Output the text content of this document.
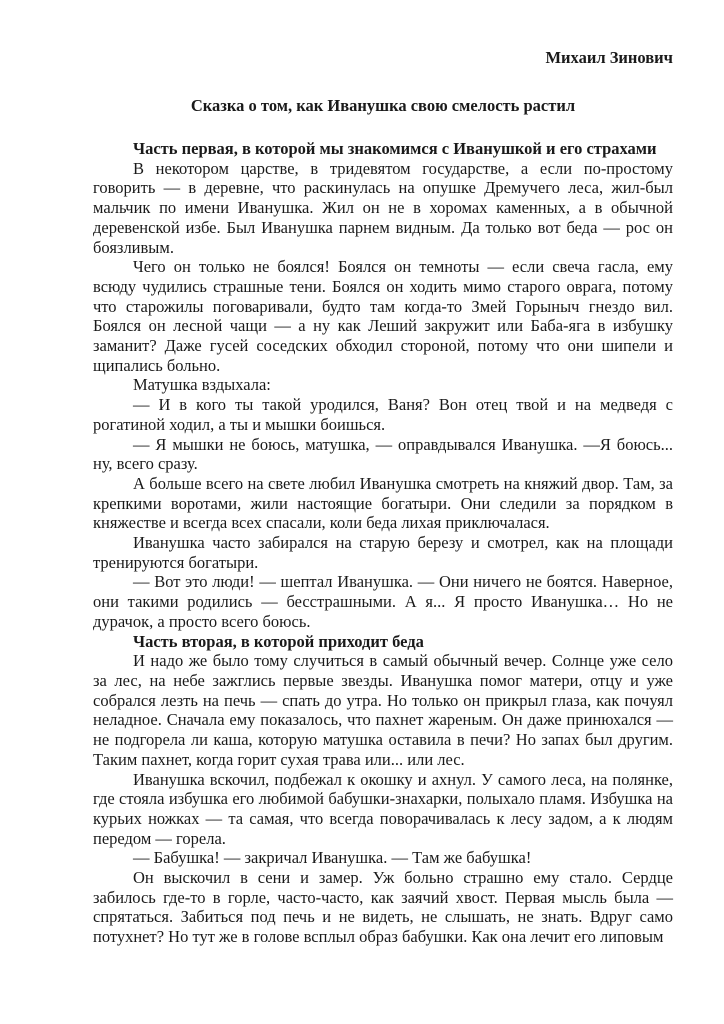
Михаил Зинович

Сказка о том, как Иванушка свою смелость растил

Часть первая, в которой мы знакомимся с Иванушкой и его страхами

В некотором царстве, в тридевятом государстве, а если по-простому говорить — в деревне, что раскинулась на опушке Дремучего леса, жил-был мальчик по имени Иванушка. Жил он не в хоромах каменных, а в обычной деревенской избе. Был Иванушка парнем видным. Да только вот беда — рос он боязливым.

Чего он только не боялся! Боялся он темноты — если свеча гасла, ему всюду чудились страшные тени. Боялся он ходить мимо старого оврага, потому что старожилы поговаривали, будто там когда-то Змей Горыныч гнездо вил. Боялся он лесной чащи — а ну как Леший закружит или Баба-яга в избушку заманит? Даже гусей соседских обходил стороной, потому что они шипели и щипались больно.

Матушка вздыхала:

— И в кого ты такой уродился, Ваня? Вон отец твой и на медведя с рогатиной ходил, а ты и мышки боишься.

— Я мышки не боюсь, матушка, — оправдывался Иванушка. —Я боюсь... ну, всего сразу.

А больше всего на свете любил Иванушка смотреть на княжий двор. Там, за крепкими воротами, жили настоящие богатыри. Они следили за порядком в княжестве и всегда всех спасали, коли беда лихая приключалася.

Иванушка часто забирался на старую березу и смотрел, как на площади тренируются богатыри.

— Вот это люди! — шептал Иванушка. — Они ничего не боятся. Наверное, они такими родились — бесстрашными. А я... Я просто Иванушка… Но не дурачок, а просто всего боюсь.

Часть вторая, в которой приходит беда

И надо же было тому случиться в самый обычный вечер. Солнце уже село за лес, на небе зажглись первые звезды. Иванушка помог матери, отцу и уже собрался лезть на печь — спать до утра. Но только он прикрыл глаза, как почуял неладное. Сначала ему показалось, что пахнет жареным. Он даже принюхался — не подгорела ли каша, которую матушка оставила в печи? Но запах был другим. Таким пахнет, когда горит сухая трава или... или лес.

Иванушка вскочил, подбежал к окошку и ахнул. У самого леса, на полянке, где стояла избушка его любимой бабушки-знахарки, полыхало пламя. Избушка на курьих ножках — та самая, что всегда поворачивалась к лесу задом, а к людям передом — горела.

— Бабушка! — закричал Иванушка. — Там же бабушка!

Он выскочил в сени и замер. Уж больно страшно ему стало. Сердце забилось где-то в горле, часто-часто, как заячий хвост. Первая мысль была — спрятаться. Забиться под печь и не видеть, не слышать, не знать. Вдруг само потухнет? Но тут же в голове всплыл образ бабушки. Как она лечит его липовым
